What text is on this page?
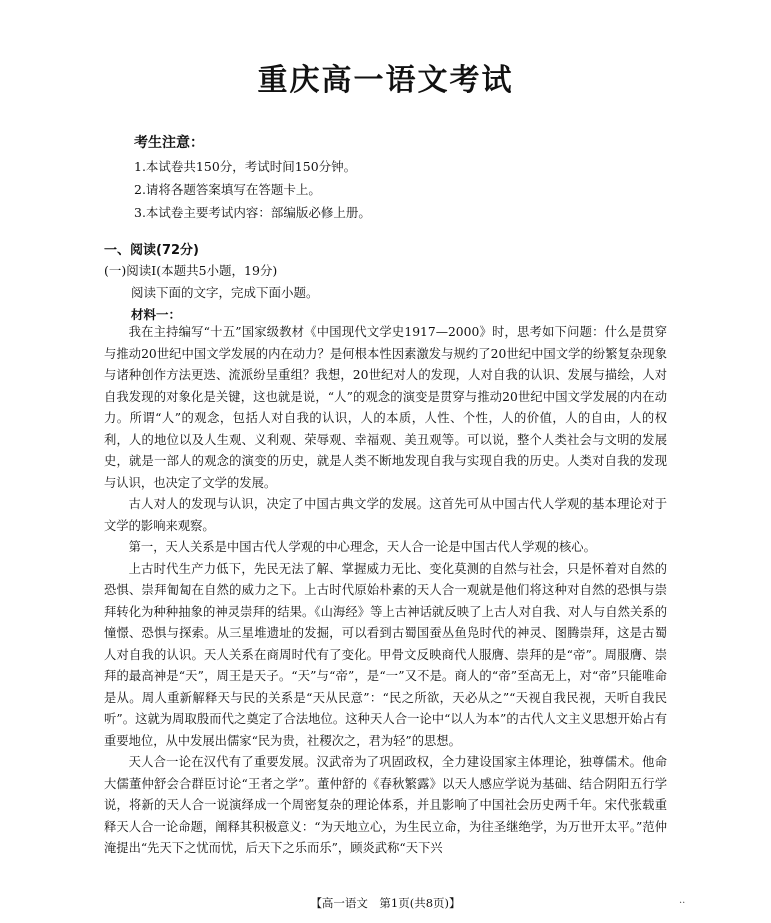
重庆高一语文考试
考生注意：
1.本试卷共150分，考试时间150分钟。
2.请将各题答案填写在答题卡上。
3.本试卷主要考试内容：部编版必修上册。
一、阅读(72分)
(一)阅读Ⅰ(本题共5小题，19分)
阅读下面的文字，完成下面小题。
材料一：

我在主持编写“十五”国家级教材《中国现代文学史1917—2000》时，思考如下问题：什么是贯穿与推动20世纪中国文学发展的内在动力？是何根本性因素激发与规约了20世纪中国文学的纷繁复杂现象与诸种创作方法更迭、流派纷呈重组？我想，20世纪对人的发现，人对自我的认识、发展与描绘，人对自我发现的对象化是关键，这也就是说，“人”的观念的演变是贯穿与推动20世纪中国文学发展的内在动力。所谓“人”的观念，包括人对自我的认识，人的本质，人性、个性，人的价值，人的自由，人的权利，人的地位以及人生观、义利观、荣辱观、幸福观、美丑观等。可以说，整个人类社会与文明的发展史，就是一部人的观念的演变的历史，就是人类不断地发现自我与实现自我的历史。人类对自我的发现与认识，也决定了文学的发展。

古人对人的发现与认识，决定了中国古典文学的发展。这首先可从中国古代人学观的基本理论对于文学的影响来观察。

第一，天人关系是中国古代人学观的中心理念，天人合一论是中国古代人学观的核心。

上古时代生产力低下，先民无法了解、掌握威力无比、变化莫测的自然与社会，只是怀着对自然的恐惧、崇拜匍匐在自然的威力之下。上古时代原始朴素的天人合一观就是他们将这种对自然的恐惧与崇拜转化为种种抽象的神灵崇拜的结果。《山海经》等上古神话就反映了上古人对自我、对人与自然关系的憧憬、恐惧与探索。从三星堆遗址的发掘，可以看到古蜀国蚕丛鱼凫时代的神灵、图腾崇拜，这是古蜀人对自我的认识。天人关系在商周时代有了变化。甲骨文反映商代人服膺、崇拜的是“帝”。周服膺、崇拜的最高神是“天”，周王是天子。“天”与“帝”，是“一”又不是。商人的“帝”至高无上，对“帝”只能唯命是从。周人重新解释天与民的关系是“天从民意”：“民之所欲，天必从之”“天视自我民视，天听自我民听”。这就为周取殷而代之奠定了合法地位。这种天人合一论中“以人为本”的古代人文主义思想开始占有重要地位，从中发展出儒家“民为贵，社稷次之，君为轻”的思想。

天人合一论在汉代有了重要发展。汉武帝为了巩固政权，全力建设国家主体理论，独尊儒术。他命大儒董仲舒会合群臣讨论“王者之学”。董仲舒的《春秋繁露》以天人感应学说为基础、结合阴阳五行学说，将新的天人合一说演绎成一个周密复杂的理论体系，并且影响了中国社会历史两千年。宋代张载重释天人合一论命题，阐释其积极意义：“为天地立心，为生民立命，为往圣继绝学，为万世开太平。”范仲淹提出“先天下之忧而忧，后天下之乐而乐”，顾炎武称“天下兴

【高一语文　第1页(共8页)】	··
